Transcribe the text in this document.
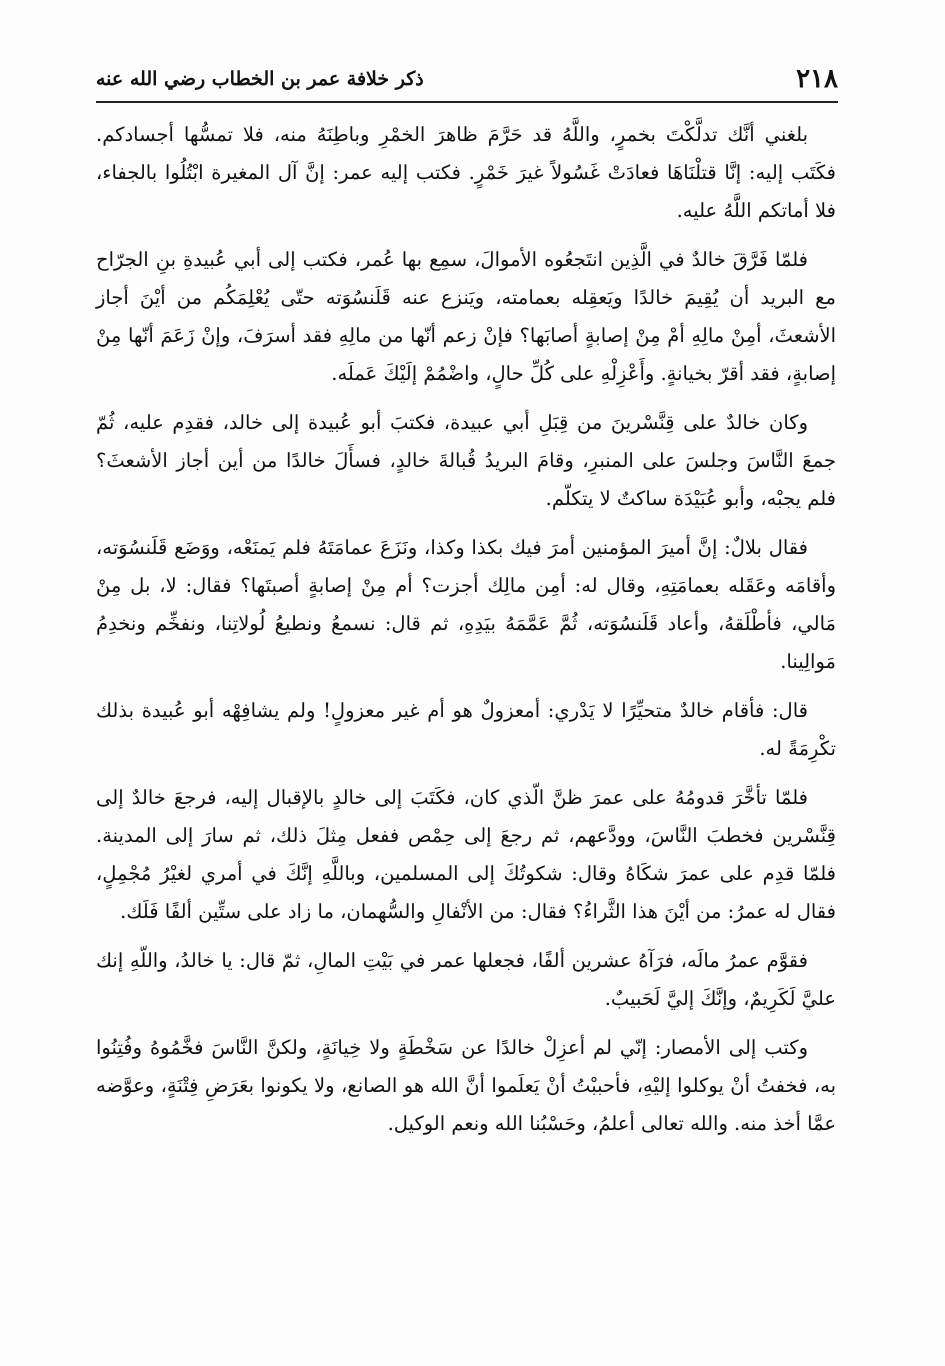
٢١٨
ذكر خلافة عمر بن الخطاب رضي الله عنه

بلغني أنَّك تدلَّكْتَ بخمرٍ، واللَّهُ قد حَرَّمَ ظاهرَ الخمْرِ وباطِنَهُ منه، فلا تمسُّها أجسادكم. فكَتَب إليه: إنَّا قتلْنَاهَا فعادَتْ غَسُولاً غيرَ خَمْرٍ. فكتب إليه عمر: إنَّ آل المغيرة ابْتُلُوا بالجفاء، فلا أماتكم اللَّهُ عليه.

فلمّا فَرَّقَ خالدٌ في الَّذِين انتَجعُوه الأموالَ، سمِع بها عُمر، فكتب إلى أبي عُبيدةِ بنِ الجرّاح مع البريد أن يُقِيمَ خالدًا ويَعقِله بعمامته، ويَنزع عنه قَلَنسُوَته حتّى يُعْلِمَكُم من أيْنَ أجاز الأشعثَ، أمِنْ مالِهِ أمْ مِنْ إصابةٍ أصابَها؟ فإنْ زعم أنّها من مالِهِ فقد أسرَفَ، وإنْ زَعَمَ أنّها مِنْ إصابةٍ، فقد أقرّ بخيانةٍ. وأَعْزِلْهِ على كُلِّ حالٍ، واضْمُمْ إلَيْكَ عَملَه.

وكان خالدٌ على قِنَّسْرينَ من قِبَلِ أبي عبيدة، فكتبَ أبو عُبيدة إلى خالد، فقدِم عليه، ثُمّ جمعَ النَّاسَ وجلسَ على المنبرِ، وقامَ البريدُ قُبالةَ خالدٍ، فسأَلَ خالدًا من أين أجاز الأشعثَ؟ فلم يجبْه، وأبو عُبَيْدَة ساكتٌ لا يتكلّم.

فقال بلالٌ: إنَّ أميرَ المؤمنين أمرَ فيك بكذا وكذا، ونَزَعَ عمامَتَهُ فلم يَمنَعْه، ووَضَع قَلَنسُوَته، وأقامَه وعَقَله بعمامَتِهِ، وقال له: أمِن مالِك أجزت؟ أم مِنْ إصابةٍ أصبتَها؟ فقال: لا، بل مِنْ مَالي، فأطْلَقهُ، وأعاد قَلَنسُوَته، ثُمَّ عَمَّمَهُ بيَدِهِ، ثم قال: نسمعُ ونطيعُ لُولاتِنا، ونفخِّم ونخدِمُ مَوالِينا.

قال: فأقام خالدٌ متحيِّرًا لا يَدْري: أمعزولٌ هو أم غير معزولٍ! ولم يشافِهْه أبو عُبيدة بذلك تكْرِمَةً له.

فلمّا تأخَّرَ قدومُهُ على عمرَ ظنَّ الّذي كان، فكَتَبَ إلى خالدٍ بالإقبال إليه، فرجعَ خالدٌ إلى قِنَّسْرين فخطبَ النَّاسَ، وودَّعهم، ثم رجعَ إلى حِمْص ففعل مِثلَ ذلك، ثم سارَ إلى المدينة. فلمّا قدِم على عمرَ شكَاهُ وقال: شكوتُكَ إلى المسلمين، وباللَّهِ إنَّكَ في أمري لغيْرُ مُجْمِلٍ، فقال له عمرُ: من أيْنَ هذا الثَّراءُ؟ فقال: من الأنْفالِ والسُّهمان، ما زاد على ستِّين ألفًا فَلَك.

فقوَّم عمرُ مالَه، فرَآهُ عشرين ألفًا، فجعلها عمر في بَيْتِ المالِ، ثمّ قال: يا خالدُ، واللّهِ إنك عليَّ لَكَرِيمٌ، وإنَّكَ إليَّ لَحَبيبٌ.

وكتب إلى الأمصار: إنّي لم أعزِلْ خالدًا عن سَخْطَةٍ ولا خِيانَةٍ، ولكنَّ النَّاسَ فخَّمُوهُ وفُتِنُوا به، فخفتُ أنْ يوكلوا إليْهِ، فأحببْتُ أنْ يَعلَموا أنَّ الله هو الصانع، ولا يكونوا بعَرَضِ فِتْنَةٍ، وعوَّضه عمَّا أخذ منه. والله تعالى أعلمُ، وحَسْبُنا الله ونعم الوكيل.
